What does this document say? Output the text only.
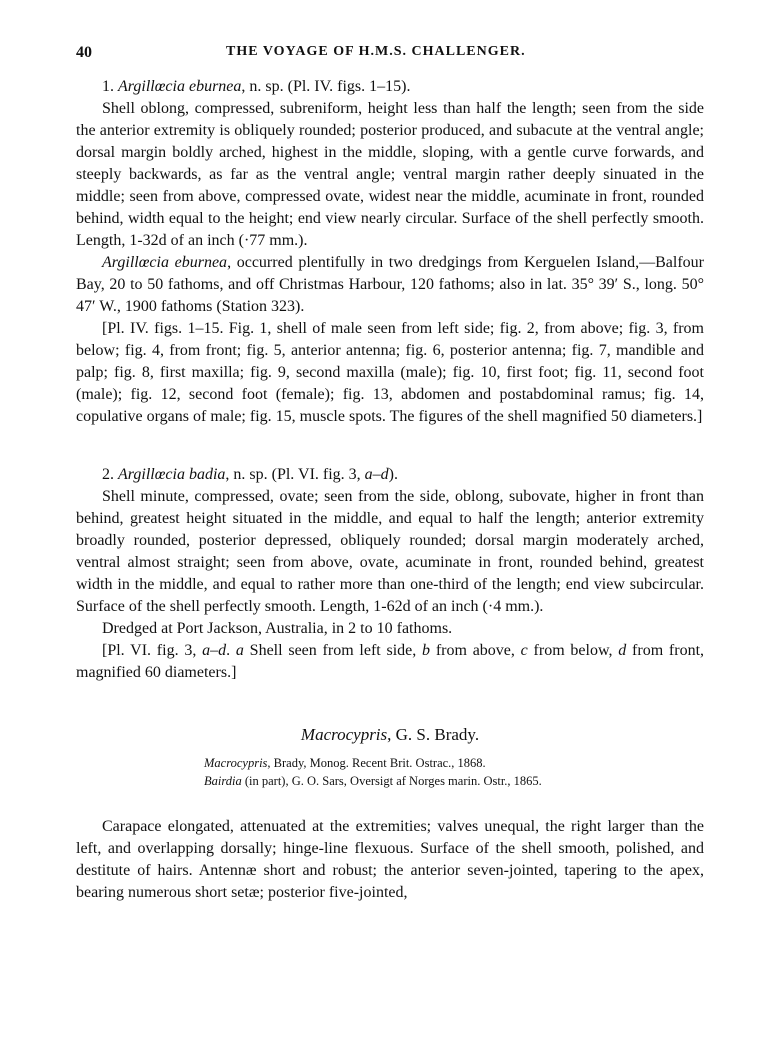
40	THE VOYAGE OF H.M.S. CHALLENGER.

1. Argillœcia eburnea, n. sp. (Pl. IV. figs. 1–15).

Shell oblong, compressed, subreniform, height less than half the length; seen from the side the anterior extremity is obliquely rounded; posterior produced, and subacute at the ventral angle; dorsal margin boldly arched, highest in the middle, sloping, with a gentle curve forwards, and steeply backwards, as far as the ventral angle; ventral margin rather deeply sinuated in the middle; seen from above, compressed ovate, widest near the middle, acuminate in front, rounded behind, width equal to the height; end view nearly circular. Surface of the shell perfectly smooth. Length, 1-32d of an inch (·77 mm.).

Argillœcia eburnea, occurred plentifully in two dredgings from Kerguelen Island,—Balfour Bay, 20 to 50 fathoms, and off Christmas Harbour, 120 fathoms; also in lat. 35° 39′ S., long. 50° 47′ W., 1900 fathoms (Station 323).

[Pl. IV. figs. 1–15. Fig. 1, shell of male seen from left side; fig. 2, from above; fig. 3, from below; fig. 4, from front; fig. 5, anterior antenna; fig. 6, posterior antenna; fig. 7, mandible and palp; fig. 8, first maxilla; fig. 9, second maxilla (male); fig. 10, first foot; fig. 11, second foot (male); fig. 12, second foot (female); fig. 13, abdomen and postabdominal ramus; fig. 14, copulative organs of male; fig. 15, muscle spots. The figures of the shell magnified 50 diameters.]

2. Argillœcia badia, n. sp. (Pl. VI. fig. 3, a–d).

Shell minute, compressed, ovate; seen from the side, oblong, subovate, higher in front than behind, greatest height situated in the middle, and equal to half the length; anterior extremity broadly rounded, posterior depressed, obliquely rounded; dorsal margin moderately arched, ventral almost straight; seen from above, ovate, acuminate in front, rounded behind, greatest width in the middle, and equal to rather more than one-third of the length; end view subcircular. Surface of the shell perfectly smooth. Length, 1-62d of an inch (·4 mm.).

Dredged at Port Jackson, Australia, in 2 to 10 fathoms.

[Pl. VI. fig. 3, a–d. a Shell seen from left side, b from above, c from below, d from front, magnified 60 diameters.]

Macrocypris, G. S. Brady.

Macrocypris, Brady, Monog. Recent Brit. Ostrac., 1868.

Bairdia (in part), G. O. Sars, Oversigt af Norges marin. Ostr., 1865.

Carapace elongated, attenuated at the extremities; valves unequal, the right larger than the left, and overlapping dorsally; hinge-line flexuous. Surface of the shell smooth, polished, and destitute of hairs. Antennæ short and robust; the anterior seven-jointed, tapering to the apex, bearing numerous short setæ; posterior five-jointed,
